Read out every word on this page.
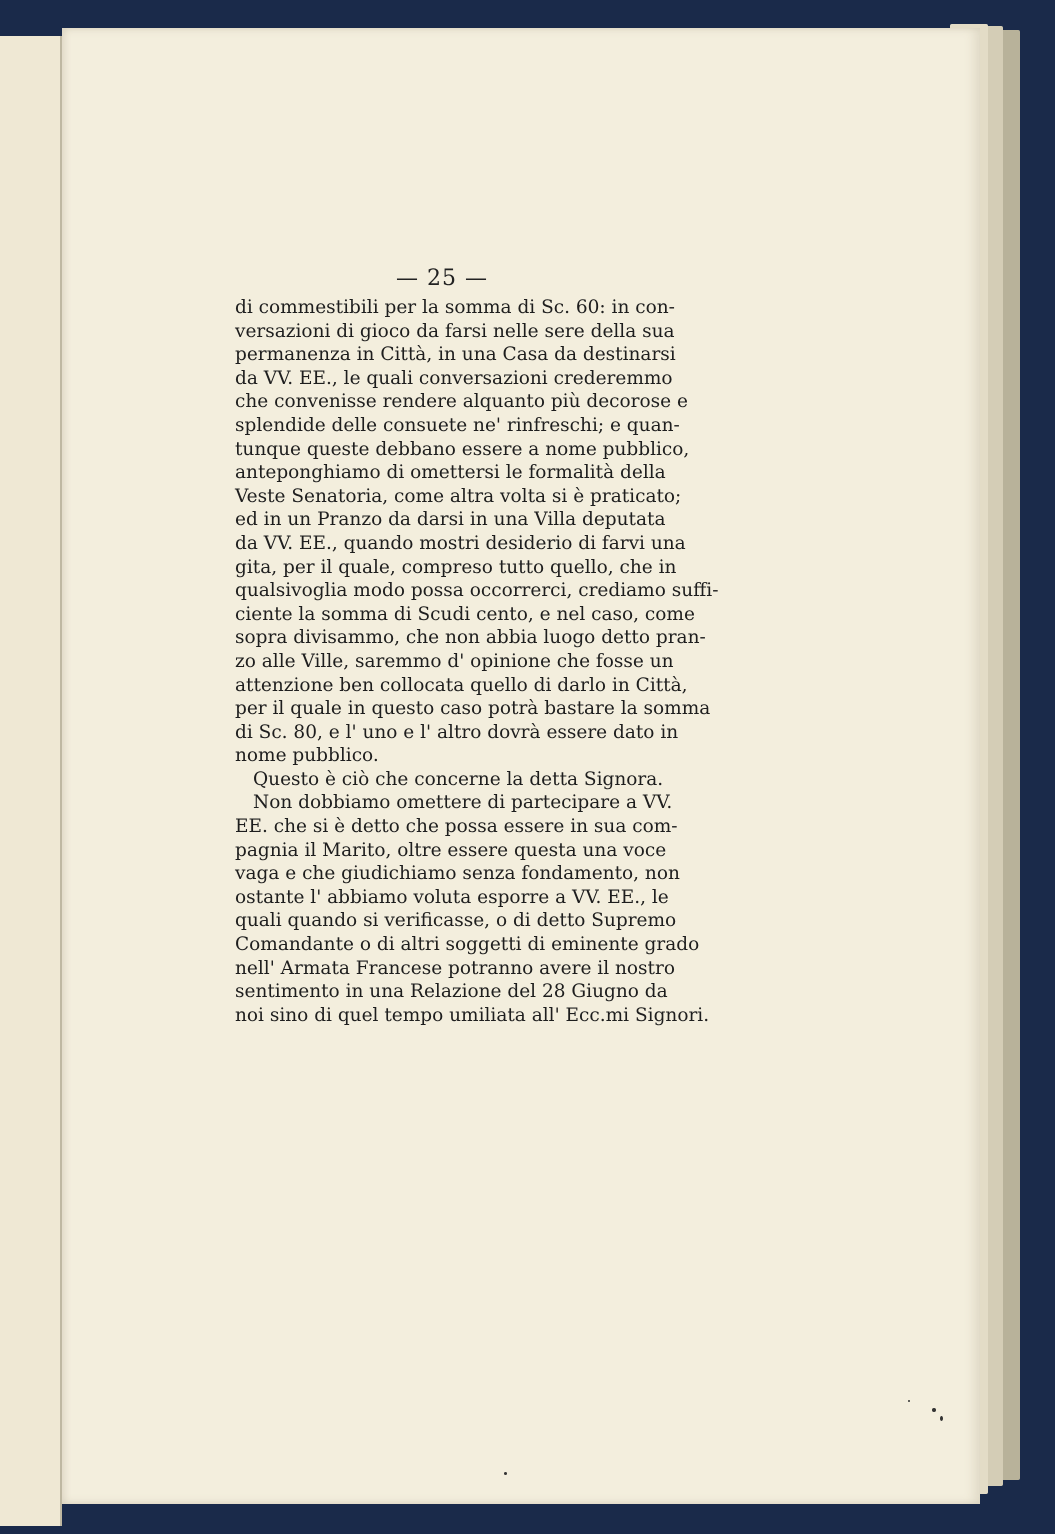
— 25 —
di commestibili per la somma di Sc. 60: in con-
versazioni di gioco da farsi nelle sere della sua
permanenza in Città, in una Casa da destinarsi
da VV. EE., le quali conversazioni crederemmo
che convenisse rendere alquanto più decorose e
splendide delle consuete ne' rinfreschi; e quan-
tunque queste debbano essere a nome pubblico,
anteponghiamo di omettersi le formalità della
Veste Senatoria, come altra volta si è praticato;
ed in un Pranzo da darsi in una Villa deputata
da VV. EE., quando mostri desiderio di farvi una
gita, per il quale, compreso tutto quello, che in
qualsivoglia modo possa occorrerci, crediamo suffi-
ciente la somma di Scudi cento, e nel caso, come
sopra divisammo, che non abbia luogo detto pran-
zo alle Ville, saremmo d' opinione che fosse un
attenzione ben collocata quello di darlo in Città,
per il quale in questo caso potrà bastare la somma
di Sc. 80, e l' uno e l' altro dovrà essere dato in
nome pubblico.
Questo è ciò che concerne la detta Signora.
Non dobbiamo omettere di partecipare a VV.
EE. che si è detto che possa essere in sua com-
pagnia il Marito, oltre essere questa una voce
vaga e che giudichiamo senza fondamento, non
ostante l' abbiamo voluta esporre a VV. EE., le
quali quando si verificasse, o di detto Supremo
Comandante o di altri soggetti di eminente grado
nell' Armata Francese potranno avere il nostro
sentimento in una Relazione del 28 Giugno da
noi sino di quel tempo umiliata all' Ecc.mi Signori.
